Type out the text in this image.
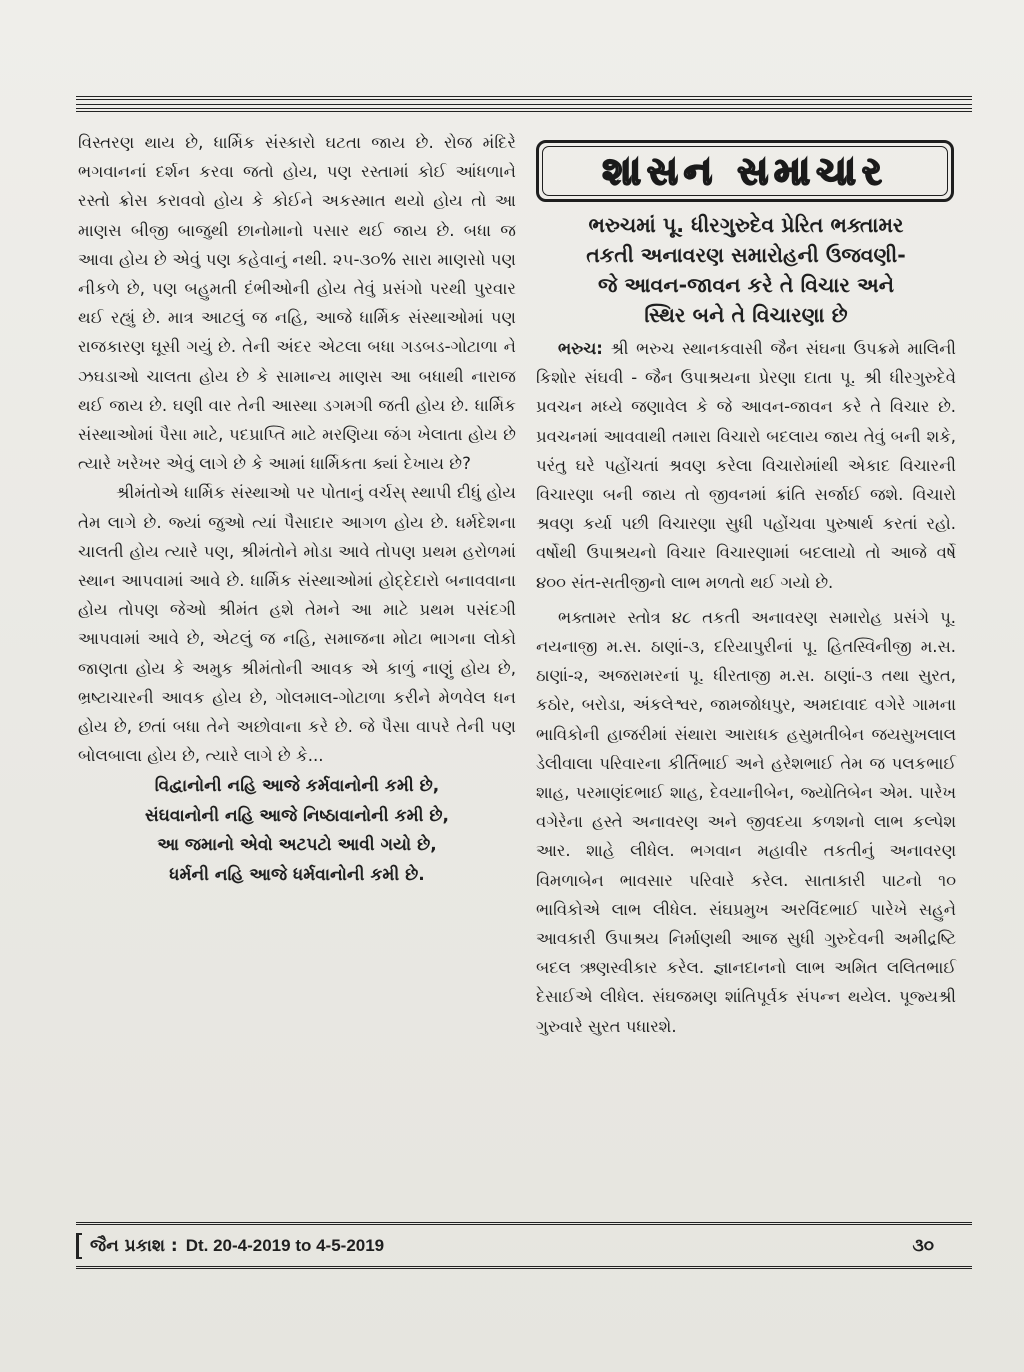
વિસ્તરણ થાય છે, ધાર્મિક સંસ્કારો ઘટતા જાય છે. રોજ મંદિરે ભગવાનનાં દર્શન કરવા જતો હોય, પણ રસ્તામાં કોઈ આંધળાને રસ્તો ક્રોસ કરાવવો હોય કે કોઈને અકસ્માત થયો હોય તો આ માણસ બીજી બાજુથી છાનોમાનો પસાર થઈ જાય છે. બધા જ આવા હોય છે એવું પણ કહેવાનું નથી. ૨૫-૩૦% સારા માણસો પણ નીકળે છે, પણ બહુમતી દંભીઓની હોય તેવું પ્રસંગો પરથી પુરવાર થઈ રહ્યું છે. માત્ર આટલું જ નહિ, આજે ધાર્મિક સંસ્થાઓમાં પણ રાજકારણ ઘૂસી ગયું છે. તેની અંદર એટલા બધા ગડબડ-ગોટાળા ને ઝઘડાઓ ચાલતા હોય છે કે સામાન્ય માણસ આ બધાથી નારાજ થઈ જાય છે. ઘણી વાર તેની આસ્થા ડગમગી જતી હોય છે. ધાર્મિક સંસ્થાઓમાં પૈસા માટે, પદપ્રાપ્તિ માટે મરણિયા જંગ ખેલાતા હોય છે ત્યારે ખરેખર એવું લાગે છે કે આમાં ધાર્મિકતા ક્યાં દેખાય છે?

શ્રીમંતોએ ધાર્મિક સંસ્થાઓ પર પોતાનું વર્ચસ્ સ્થાપી દીધું હોય તેમ લાગે છે. જ્યાં જુઓ ત્યાં પૈસાદાર આગળ હોય છે. ધર્મદેશના ચાલતી હોય ત્યારે પણ, શ્રીમંતોને મોડા આવે તોપણ પ્રથમ હરોળમાં સ્થાન આપવામાં આવે છે. ધાર્મિક સંસ્થાઓમાં હોદ્દેદારો બનાવવાના હોય તોપણ જેઓ શ્રીમંત હશે તેમને આ માટે પ્રથમ પસંદગી આપવામાં આવે છે, એટલું જ નહિ, સમાજના મોટા ભાગના લોકો જાણતા હોય કે અમુક શ્રીમંતોની આવક એ કાળું નાણું હોય છે, ભ્રષ્ટાચારની આવક હોય છે, ગોલમાલ-ગોટાળા કરીને મેળવેલ ધન હોય છે, છતાં બધા તેને અછોવાના કરે છે. જે પૈસા વાપરે તેની પણ બોલબાલા હોય છે, ત્યારે લાગે છે કે...

વિદ્વાનોની નહિ આજે કર્મવાનોની કમી છે,
સંઘવાનોની નહિ આજે નિષ્ઠાવાનોની કમી છે,
આ જમાનો એવો અટપટો આવી ગયો છે,
ધર્મની નહિ આજે ધર્મવાનોની કમી છે.
શાસન સમાચાર
ભરુચમાં પૂ. ધીરગુરુદેવ પ્રેરિત ભક્તામર
તકતી અનાવરણ સમારોહની ઉજવણી-
જે આવન-જાવન કરે તે વિચાર અને
સ્થિર બને તે વિચારણા છે

ભરુચ: શ્રી ભરુચ સ્થાનકવાસી જૈન સંઘના ઉપક્રમે માલિની કિશોર સંઘવી - જૈન ઉપાશ્રયના પ્રેરણા દાતા પૂ. શ્રી ધીરગુરુદેવે પ્રવચન મધ્યે જણાવેલ કે જે આવન-જાવન કરે તે વિચાર છે. પ્રવચનમાં આવવાથી તમારા વિચારો બદલાય જાય તેવું બની શકે, પરંતુ ઘરે પહોંચતાં શ્રવણ કરેલા વિચારોમાંથી એકાદ વિચારની વિચારણા બની જાય તો જીવનમાં ક્રાંતિ સર્જાઈ જશે. વિચારો શ્રવણ કર્યા પછી વિચારણા સુધી પહોંચવા પુરુષાર્થ કરતાં રહો. વર્ષોથી ઉપાશ્રયનો વિચાર વિચારણામાં બદલાયો તો આજે વર્ષે ૪૦૦ સંત-સતીજીનો લાભ મળતો થઈ ગયો છે.

ભક્તામર સ્તોત્ર ૪૮ તકતી અનાવરણ સમારોહ પ્રસંગે પૂ. નયનાજી મ.સ. ઠાણાં-૩, દરિયાપુરીનાં પૂ. હિતસ્વિનીજી મ.સ. ઠાણાં-૨, અજરામરનાં પૂ. ધીરતાજી મ.સ. ઠાણાં-૩ તથા સુરત, કઠોર, બરોડા, અંકલેશ્વર, જામજોધપુર, અમદાવાદ વગેરે ગામના ભાવિકોની હાજરીમાં સંથારા આરાધક હસુમતીબેન જયસુખલાલ ડેલીવાલા પરિવારના કીર્તિભાઈ અને હરેશભાઈ તેમ જ પલકભાઈ શાહ, પરમાણંદભાઈ શાહ, દેવયાનીબેન, જ્યોતિબેન એમ. પારેખ વગેરેના હસ્તે અનાવરણ અને જીવદયા કળશનો લાભ કલ્પેશ આર. શાહે લીધેલ. ભગવાન મહાવીર તકતીનું અનાવરણ વિમળાબેન ભાવસાર પરિવારે કરેલ. સાતાકારી પાટનો ૧૦ ભાવિકોએ લાભ લીધેલ. સંઘપ્રમુખ અરવિંદભાઈ પારેખે સહુને આવકારી ઉપાશ્રય નિર્માણથી આજ સુધી ગુરુદેવની અમીદ્રષ્ટિ બદલ ઋણસ્વીકાર કરેલ. જ્ઞાનદાનનો લાભ અમિત લલિતભાઈ દેસાઈએ લીધેલ. સંઘજમણ શાંતિપૂર્વક સંપન્ન થયેલ. પૂજ્યશ્રી ગુરુવારે સુરત પધારશે.

જૈન પ્રકાશ : Dt. 20-4-2019 to 4-5-2019	૩૦
